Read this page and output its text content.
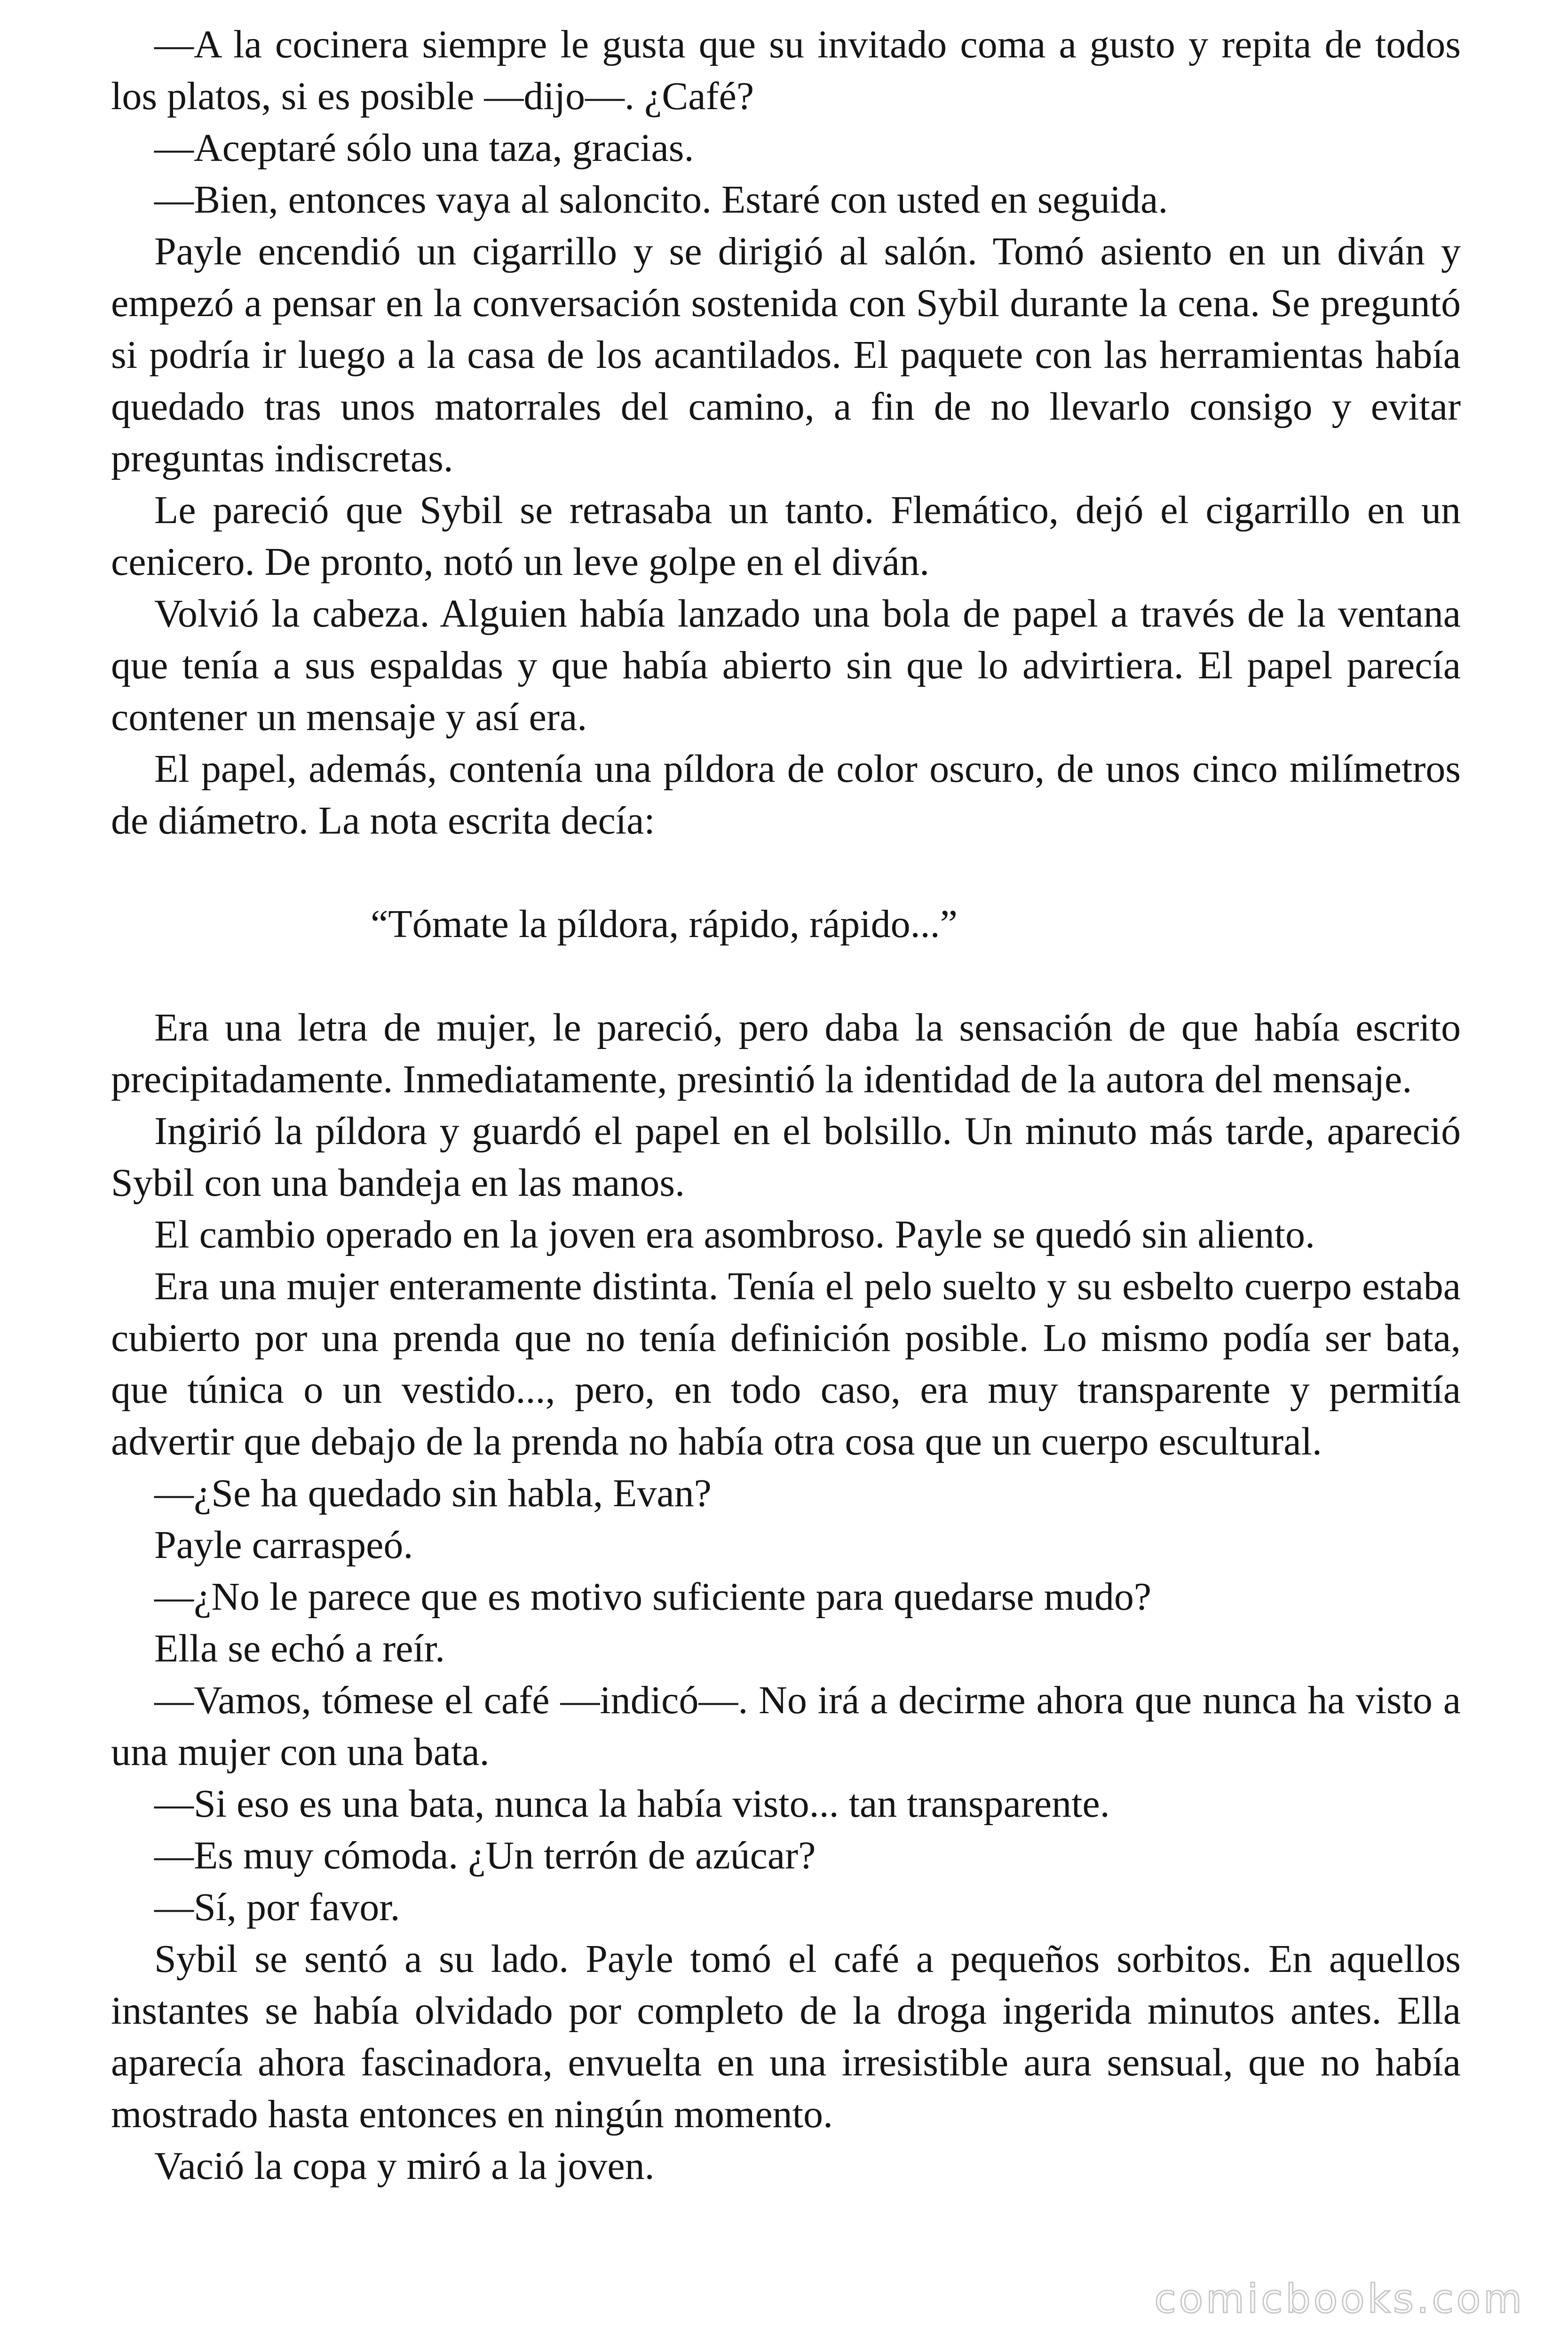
—A la cocinera siempre le gusta que su invitado coma a gusto y repita de todos los platos, si es posible —dijo—. ¿Café?

—Aceptaré sólo una taza, gracias.

—Bien, entonces vaya al saloncito. Estaré con usted en seguida.

Payle encendió un cigarrillo y se dirigió al salón. Tomó asiento en un diván y empezó a pensar en la conversación sostenida con Sybil durante la cena. Se preguntó si podría ir luego a la casa de los acantilados. El paquete con las herramientas había quedado tras unos matorrales del camino, a fin de no llevarlo consigo y evitar preguntas indiscretas.

Le pareció que Sybil se retrasaba un tanto. Flemático, dejó el cigarrillo en un cenicero. De pronto, notó un leve golpe en el diván.

Volvió la cabeza. Alguien había lanzado una bola de papel a través de la ventana que tenía a sus espaldas y que había abierto sin que lo advirtiera. El papel parecía contener un mensaje y así era.

El papel, además, contenía una píldora de color oscuro, de unos cinco milímetros de diámetro. La nota escrita decía:

“Tómate la píldora, rápido, rápido...”

Era una letra de mujer, le pareció, pero daba la sensación de que había escrito precipitadamente. Inmediatamente, presintió la identidad de la autora del mensaje.

Ingirió la píldora y guardó el papel en el bolsillo. Un minuto más tarde, apareció Sybil con una bandeja en las manos.

El cambio operado en la joven era asombroso. Payle se quedó sin aliento.

Era una mujer enteramente distinta. Tenía el pelo suelto y su esbelto cuerpo estaba cubierto por una prenda que no tenía definición posible. Lo mismo podía ser bata, que túnica o un vestido..., pero, en todo caso, era muy transparente y permitía advertir que debajo de la prenda no había otra cosa que un cuerpo escultural.

—¿Se ha quedado sin habla, Evan?

Payle carraspeó.

—¿No le parece que es motivo suficiente para quedarse mudo?

Ella se echó a reír.

—Vamos, tómese el café —indicó—. No irá a decirme ahora que nunca ha visto a una mujer con una bata.

—Si eso es una bata, nunca la había visto... tan transparente.

—Es muy cómoda. ¿Un terrón de azúcar?

—Sí, por favor.

Sybil se sentó a su lado. Payle tomó el café a pequeños sorbitos. En aquellos instantes se había olvidado por completo de la droga ingerida minutos antes. Ella aparecía ahora fascinadora, envuelta en una irresistible aura sensual, que no había mostrado hasta entonces en ningún momento.

Vació la copa y miró a la joven.

comicbooks.com
